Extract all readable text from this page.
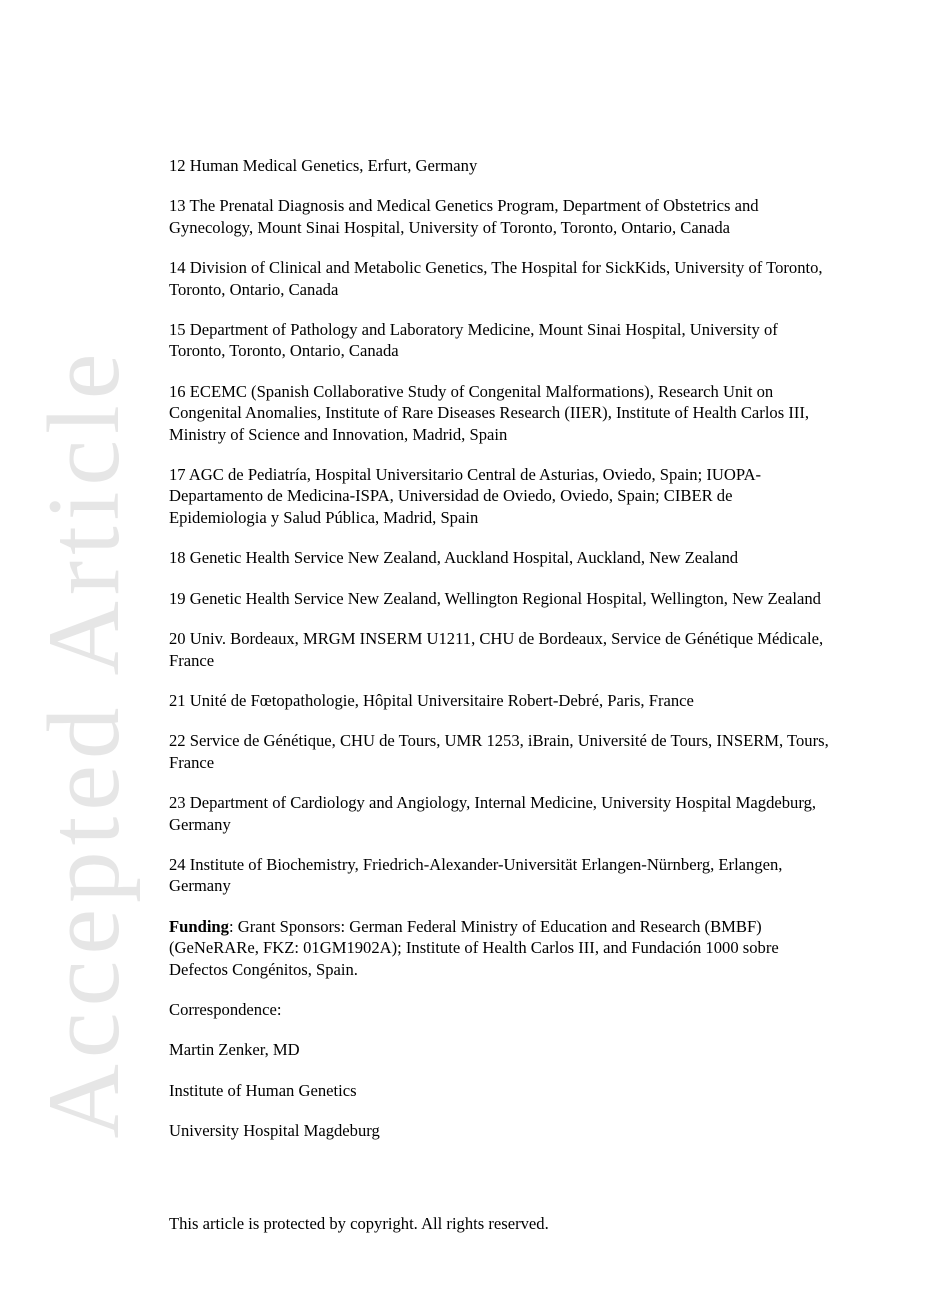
Accepted Article

12 Human Medical Genetics, Erfurt, Germany

13 The Prenatal Diagnosis and Medical Genetics Program, Department of Obstetrics and Gynecology, Mount Sinai Hospital, University of Toronto, Toronto, Ontario, Canada

14 Division of Clinical and Metabolic Genetics, The Hospital for SickKids, University of Toronto, Toronto, Ontario, Canada

15 Department of Pathology and Laboratory Medicine, Mount Sinai Hospital, University of Toronto, Toronto, Ontario, Canada

16 ECEMC (Spanish Collaborative Study of Congenital Malformations), Research Unit on Congenital Anomalies, Institute of Rare Diseases Research (IIER), Institute of Health Carlos III, Ministry of Science and Innovation, Madrid, Spain

17 AGC de Pediatría, Hospital Universitario Central de Asturias, Oviedo, Spain; IUOPA-Departamento de Medicina-ISPA, Universidad de Oviedo, Oviedo, Spain; CIBER de Epidemiologia y Salud Pública, Madrid, Spain

18 Genetic Health Service New Zealand, Auckland Hospital, Auckland, New Zealand

19 Genetic Health Service New Zealand, Wellington Regional Hospital, Wellington, New Zealand

20 Univ. Bordeaux, MRGM INSERM U1211, CHU de Bordeaux, Service de Génétique Médicale, France

21 Unité de Fœtopathologie, Hôpital Universitaire Robert-Debré, Paris, France

22 Service de Génétique, CHU de Tours, UMR 1253, iBrain, Université de Tours, INSERM, Tours, France

23 Department of Cardiology and Angiology, Internal Medicine, University Hospital Magdeburg, Germany

24 Institute of Biochemistry, Friedrich-Alexander-Universität Erlangen-Nürnberg, Erlangen, Germany

Funding: Grant Sponsors: German Federal Ministry of Education and Research (BMBF) (GeNeRARe, FKZ: 01GM1902A); Institute of Health Carlos III, and Fundación 1000 sobre Defectos Congénitos, Spain.

Correspondence:

Martin Zenker, MD

Institute of Human Genetics

University Hospital Magdeburg

This article is protected by copyright. All rights reserved.
